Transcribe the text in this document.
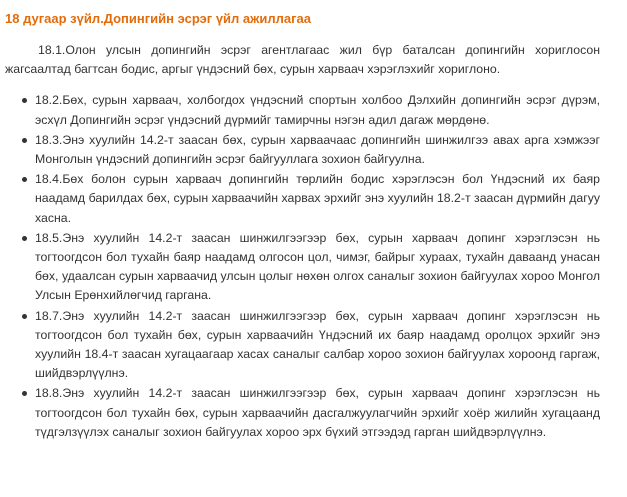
18 дугаар зүйл.Допингийн эсрэг үйл ажиллагаа

18.1.Олон улсын допингийн эсрэг агентлагаас жил бүр баталсан допингийн хориглосон жагсаалтад багтсан бодис, аргыг үндэсний бөх, сурын харваач хэрэглэхийг хориглоно.

18.2.Бөх, сурын харваач, холбогдох үндэсний спортын холбоо Дэлхийн допингийн эсрэг дүрэм, эсхүл Допингийн эсрэг үндэсний дүрмийг тамирчны нэгэн адил дагаж мөрдөнө.
18.3.Энэ хуулийн 14.2-т заасан бөх, сурын харваачаас допингийн шинжилгээ авах арга хэмжээг Монголын үндэсний допингийн эсрэг байгууллага зохион байгуулна.
18.4.Бөх болон сурын харваач допингийн төрлийн бодис хэрэглэсэн бол Үндэсний их баяр наадамд барилдах бөх, сурын харваачийн харвах эрхийг энэ хуулийн 18.2-т заасан дүрмийн дагуу хасна.
18.5.Энэ хуулийн 14.2-т заасан шинжилгээгээр бөх, сурын харваач допинг хэрэглэсэн нь тогтоогдсон бол тухайн баяр наадамд олгосон цол, чимэг, байрыг хураах, тухайн даваанд унасан бөх, удаалсан сурын харваачид улсын цолыг нөхөн олгох саналыг зохион байгуулах хороо Монгол Улсын Ерөнхийлөгчид гаргана.
18.7.Энэ хуулийн 14.2-т заасан шинжилгээгээр бөх, сурын харваач допинг хэрэглэсэн нь тогтоогдсон бол тухайн бөх, сурын харваачийн Үндэсний их баяр наадамд оролцох эрхийг энэ хуулийн 18.4-т заасан хугацаагаар хасах саналыг салбар хороо зохион байгуулах хороонд гаргаж, шийдвэрлүүлнэ.
18.8.Энэ хуулийн 14.2-т заасан шинжилгээгээр бөх, сурын харваач допинг хэрэглэсэн нь тогтоогдсон бол тухайн бөх, сурын харваачийн дасгалжуулагчийн эрхийг хоёр жилийн хугацаанд түдгэлзүүлэх саналыг зохион байгуулах хороо эрх бүхий этгээдэд гарган шийдвэрлүүлнэ.
